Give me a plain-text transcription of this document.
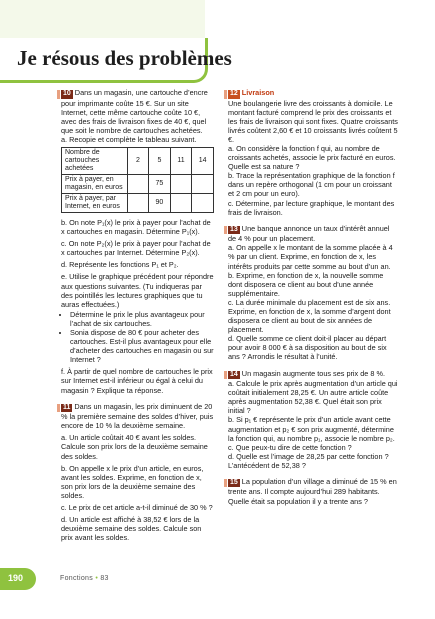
Je résous des problèmes

10 Dans un magasin, une cartouche d’encre pour imprimante coûte 15 €. Sur un site Internet, cette même cartouche coûte 10 €, avec des frais de livraison fixes de 40 €, quel que soit le nombre de cartouches achetées.

a. Recopie et complète le tableau suivant.

Nombre de cartouches achetées	2	5	11	14
Prix à payer, en magasin, en euros		75		
Prix à payer, par Internet, en euros		90		

b. On note P₁(x) le prix à payer pour l’achat de x cartouches en magasin. Détermine P₁(x).

c. On note P₂(x) le prix à payer pour l’achat de x cartouches par Internet. Détermine P₂(x).

d. Représente les fonctions P₁ et P₂.

e. Utilise le graphique précédent pour répondre aux questions suivantes. (Tu indiqueras par des pointillés les lectures graphiques que tu auras effectuées.)

• Détermine le prix le plus avantageux pour l’achat de six cartouches.
• Sonia dispose de 80 € pour acheter des cartouches. Est-il plus avantageux pour elle d’acheter des cartouches en magasin ou sur Internet ?

f. À partir de quel nombre de cartouches le prix sur Internet est-il inférieur ou égal à celui du magasin ? Explique ta réponse.

11 Dans un magasin, les prix diminuent de 20 % la première semaine des soldes d’hiver, puis encore de 10 % la deuxième semaine.

a. Un article coûtait 40 € avant les soldes. Calcule son prix lors de la deuxième semaine des soldes.

b. On appelle x le prix d’un article, en euros, avant les soldes. Exprime, en fonction de x, son prix lors de la deuxième semaine des soldes.

c. Le prix de cet article a-t-il diminué de 30 % ?

d. Un article est affiché à 38,52 € lors de la deuxième semaine des soldes. Calcule son prix avant les soldes.

12 Livraison

Une boulangerie livre des croissants à domicile. Le montant facturé comprend le prix des croissants et les frais de livraison qui sont fixes. Quatre croissants livrés coûtent 2,60 € et 10 croissants livrés coûtent 5 €.

a. On considère la fonction f qui, au nombre de croissants achetés, associe le prix facturé en euros. Quelle est sa nature ?

b. Trace la représentation graphique de la fonction f dans un repère orthogonal (1 cm pour un croissant et 2 cm pour un euro).

c. Détermine, par lecture graphique, le montant des frais de livraison.

13 Une banque annonce un taux d’intérêt annuel de 4 % pour un placement.

a. On appelle x le montant de la somme placée à 4 % par un client. Exprime, en fonction de x, les intérêts produits par cette somme au bout d’un an.

b. Exprime, en fonction de x, la nouvelle somme dont disposera ce client au bout d’une année supplémentaire.

c. La durée minimale du placement est de six ans. Exprime, en fonction de x, la somme d’argent dont disposera ce client au bout de six années de placement.

d. Quelle somme ce client doit-il placer au départ pour avoir 8 000 € à sa disposition au bout de six ans ? Arrondis le résultat à l’unité.

14 Un magasin augmente tous ses prix de 8 %.

a. Calcule le prix après augmentation d’un article qui coûtait initialement 28,25 €. Un autre article coûte après augmentation 52,38 €. Quel était son prix initial ?

b. Si p₁ € représente le prix d’un article avant cette augmentation et p₂ € son prix augmenté, détermine la fonction qui, au nombre p₁, associe le nombre p₂.

c. Que peux-tu dire de cette fonction ?

d. Quelle est l’image de 28,25 par cette fonction ? L’antécédent de 52,38 ?

15 La population d’un village a diminué de 15 % en trente ans. Il compte aujourd’hui 289 habitants. Quelle était sa population il y a trente ans ?

190	Fonctions • 83
